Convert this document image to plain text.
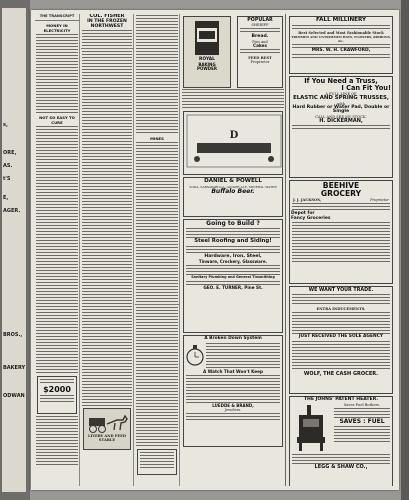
s,
ORE,
AS.
t'S
E,
AGER.
BROS.,
BAKERY
ODWAN
THE TRANSCRIPT
MONEY IN ELECTRICITY
NOT SO EASY TO CURE
$2000
COL. FISHER
IN THE FROZEN
NORTHWEST
LIVERY AND FEED STABLE
MINES
ROYAL
BAKING
POWDER
POPULAR
SHERIFF
Bread.
Pies and
Cakes
FEED BEST
Proprietor
D
DANIEL & POWELL
SODA, SARSAPARILLA, GINGER ALE, MINERAL WATER
Buffalo Beer.
Going to Build ?
Steel Roofing and Siding!
Hardware, Iron, Steel,
Tinware, Crockery, Glassware.
Sanitary Plumbing and General Tinsmithing
GEO. E. TURNER, Pine St.
A Broken Down System
A Watch That Won't Keep
LUEDDE & BRAND,
Jewelers.
FALL MILLINERY
Best Selected and Most Fashionable Stock
TRIMMED AND UNTRIMMED HATS, FLOWERS, RIBBONS, &c.
MRS. W. H. CRAWFORD,
If You Need a Truss,
I Can Fit You!
A FULL LINE OF
ELASTIC AND SPRING TRUSSES,
with
Hard Rubber or Water Pad, Double or Single
CALL AND SEE MY STOCK.
H. DICKERMAN,
BEEHIVE
GROCERY
J. J. JACKSON,	Proprietor
Depot for
Fancy Groceries
WE WANT YOUR TRADE.
ENTRA INDUCEMENTS.
JUST RECEIVED THE SOLE AGENCY
WOLF, THE CASH GROCER.
THE JOHNS' PATENT HEATER.
Saves Fuel Bothers.
SAVES : FUEL
LEGG & SHAW CO.,
